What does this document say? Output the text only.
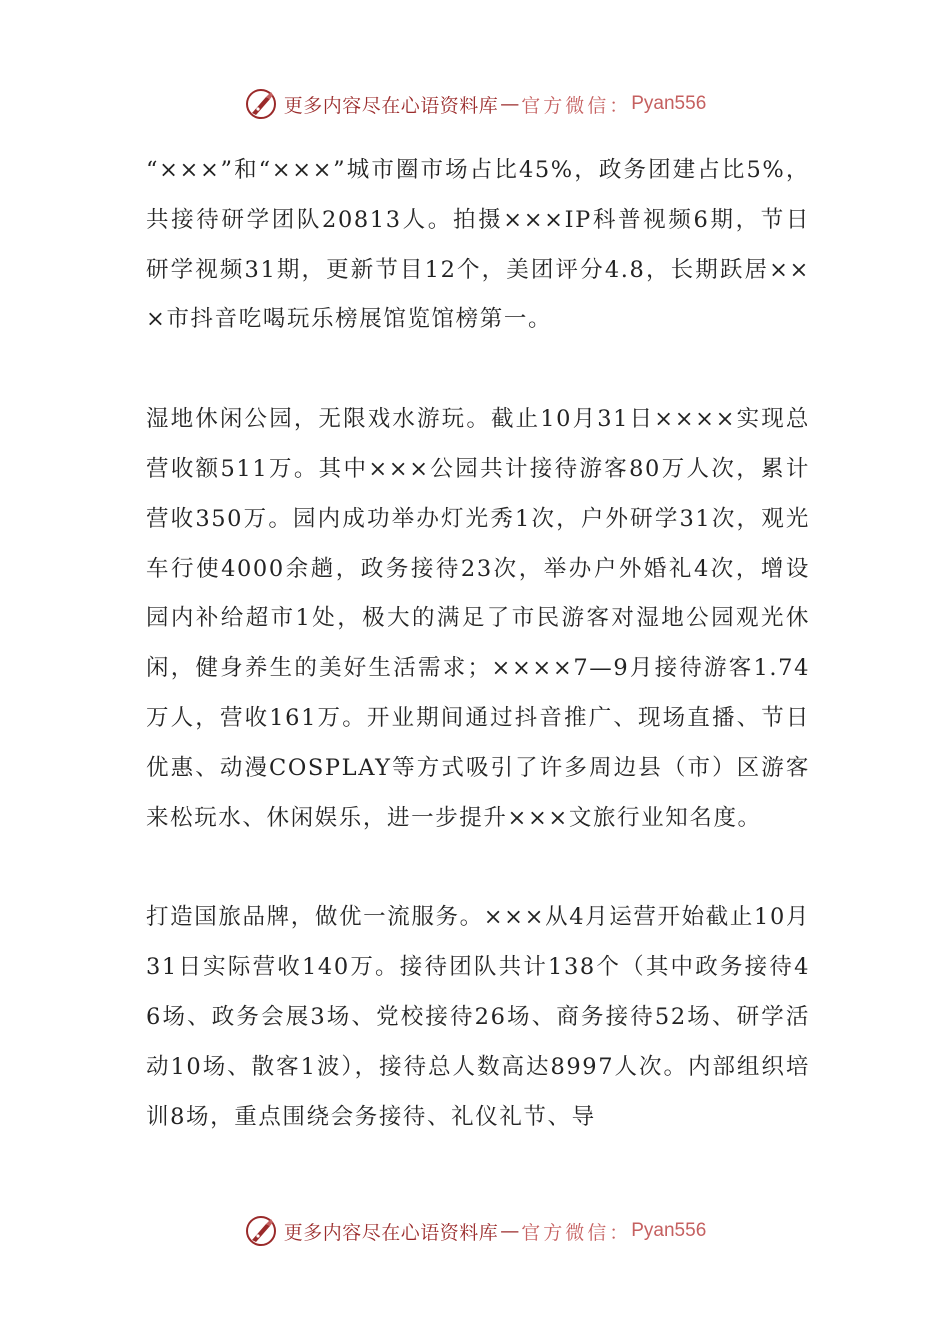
更多内容尽在心语资料库 — 官方微信： Pyan556

“×××”和“×××”城市圈市场占比45%，政务团建占比5%，共接待研学团队20813人。拍摄×××IP科普视频6期，节日研学视频31期，更新节目12个，美团评分4.8，长期跃居×××市抖音吃喝玩乐榜展馆览馆榜第一。

湿地休闲公园，无限戏水游玩。截止10月31日××××实现总营收额511万。其中×××公园共计接待游客80万人次，累计营收350万。园内成功举办灯光秀1次，户外研学31次，观光车行使4000余趟，政务接待23次，举办户外婚礼4次，增设园内补给超市1处，极大的满足了市民游客对湿地公园观光休闲，健身养生的美好生活需求；××××7—9月接待游客1.74万人，营收161万。开业期间通过抖音推广、现场直播、节日优惠、动漫COSPLAY等方式吸引了许多周边县（市）区游客来松玩水、休闲娱乐，进一步提升×××文旅行业知名度。

打造国旅品牌，做优一流服务。×××从4月运营开始截止10月31日实际营收140万。接待团队共计138个（其中政务接待46场、政务会展3场、党校接待26场、商务接待52场、研学活动10场、散客1波），接待总人数高达8997人次。内部组织培训8场，重点围绕会务接待、礼仪礼节、导

更多内容尽在心语资料库 — 官方微信： Pyan556
